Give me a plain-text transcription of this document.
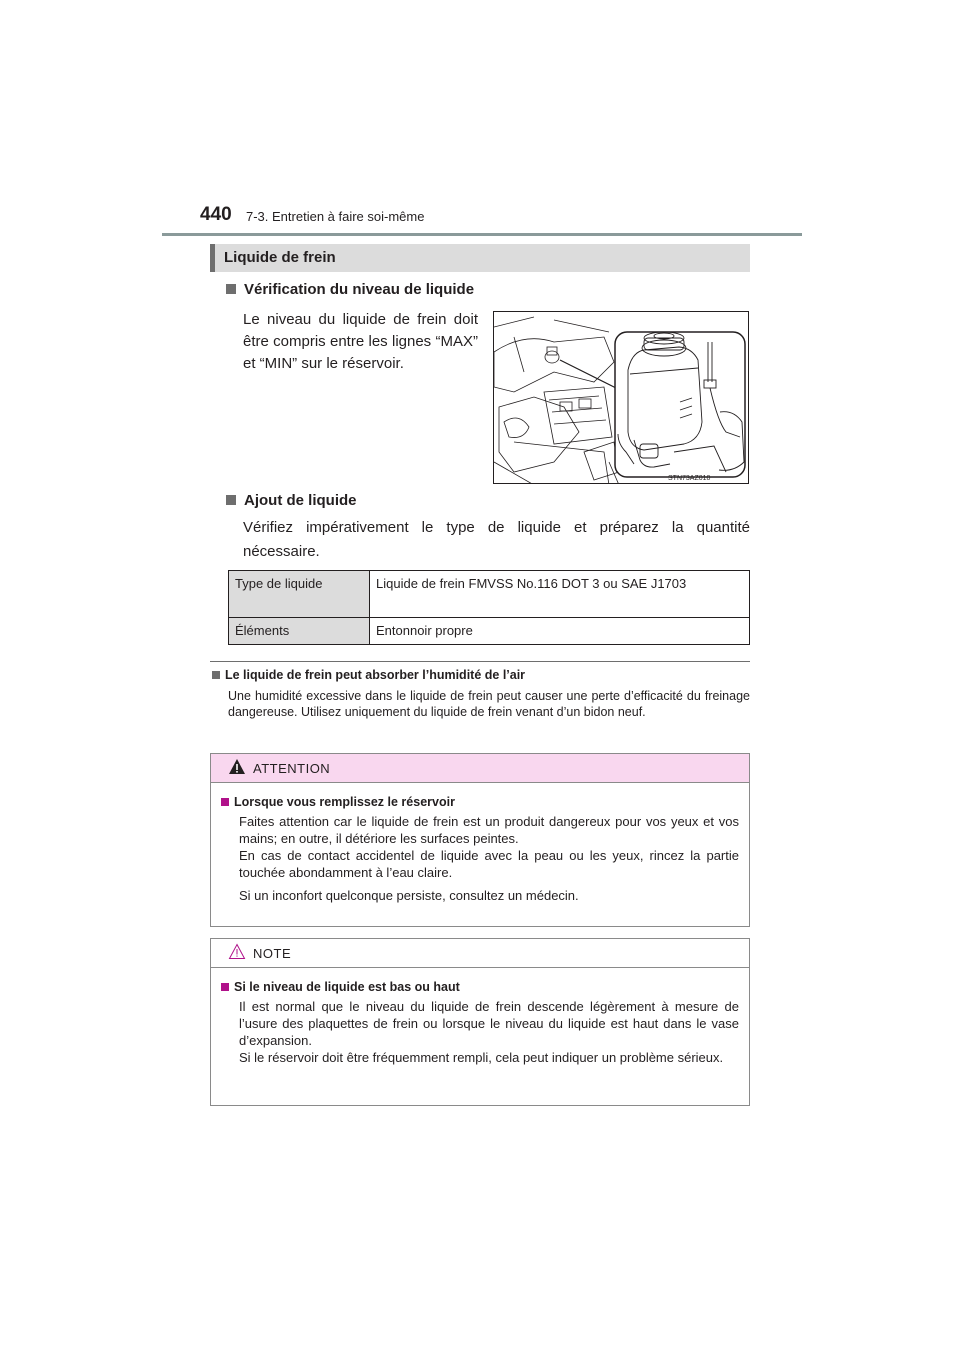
440 7-3. Entretien à faire soi-même
Liquide de frein
Vérification du niveau de liquide
Le niveau du liquide de frein doit être compris entre les lignes “MAX” et “MIN” sur le réservoir.
STN73AZ010
Ajout de liquide
Vérifiez impérativement le type de liquide et préparez la quantité nécessaire.
Type de liquide	Liquide de frein FMVSS No.116 DOT 3 ou SAE J1703
Éléments	Entonnoir propre
Le liquide de frein peut absorber l’humidité de l’air
Une humidité excessive dans le liquide de frein peut causer une perte d’efficacité du freinage dangereuse. Utilisez uniquement du liquide de frein venant d’un bidon neuf.
ATTENTION
Lorsque vous remplissez le réservoir

Faites attention car le liquide de frein est un produit dangereux pour vos yeux et vos mains; en outre, il détériore les surfaces peintes.

En cas de contact accidentel de liquide avec la peau ou les yeux, rincez la partie touchée abondamment à l’eau claire.

Si un inconfort quelconque persiste, consultez un médecin.

NOTE
Si le niveau de liquide est bas ou haut

Il est normal que le niveau du liquide de frein descende légèrement à mesure de l’usure des plaquettes de frein ou lorsque le niveau du liquide est haut dans le vase d’expansion.

Si le réservoir doit être fréquemment rempli, cela peut indiquer un problème sérieux.
